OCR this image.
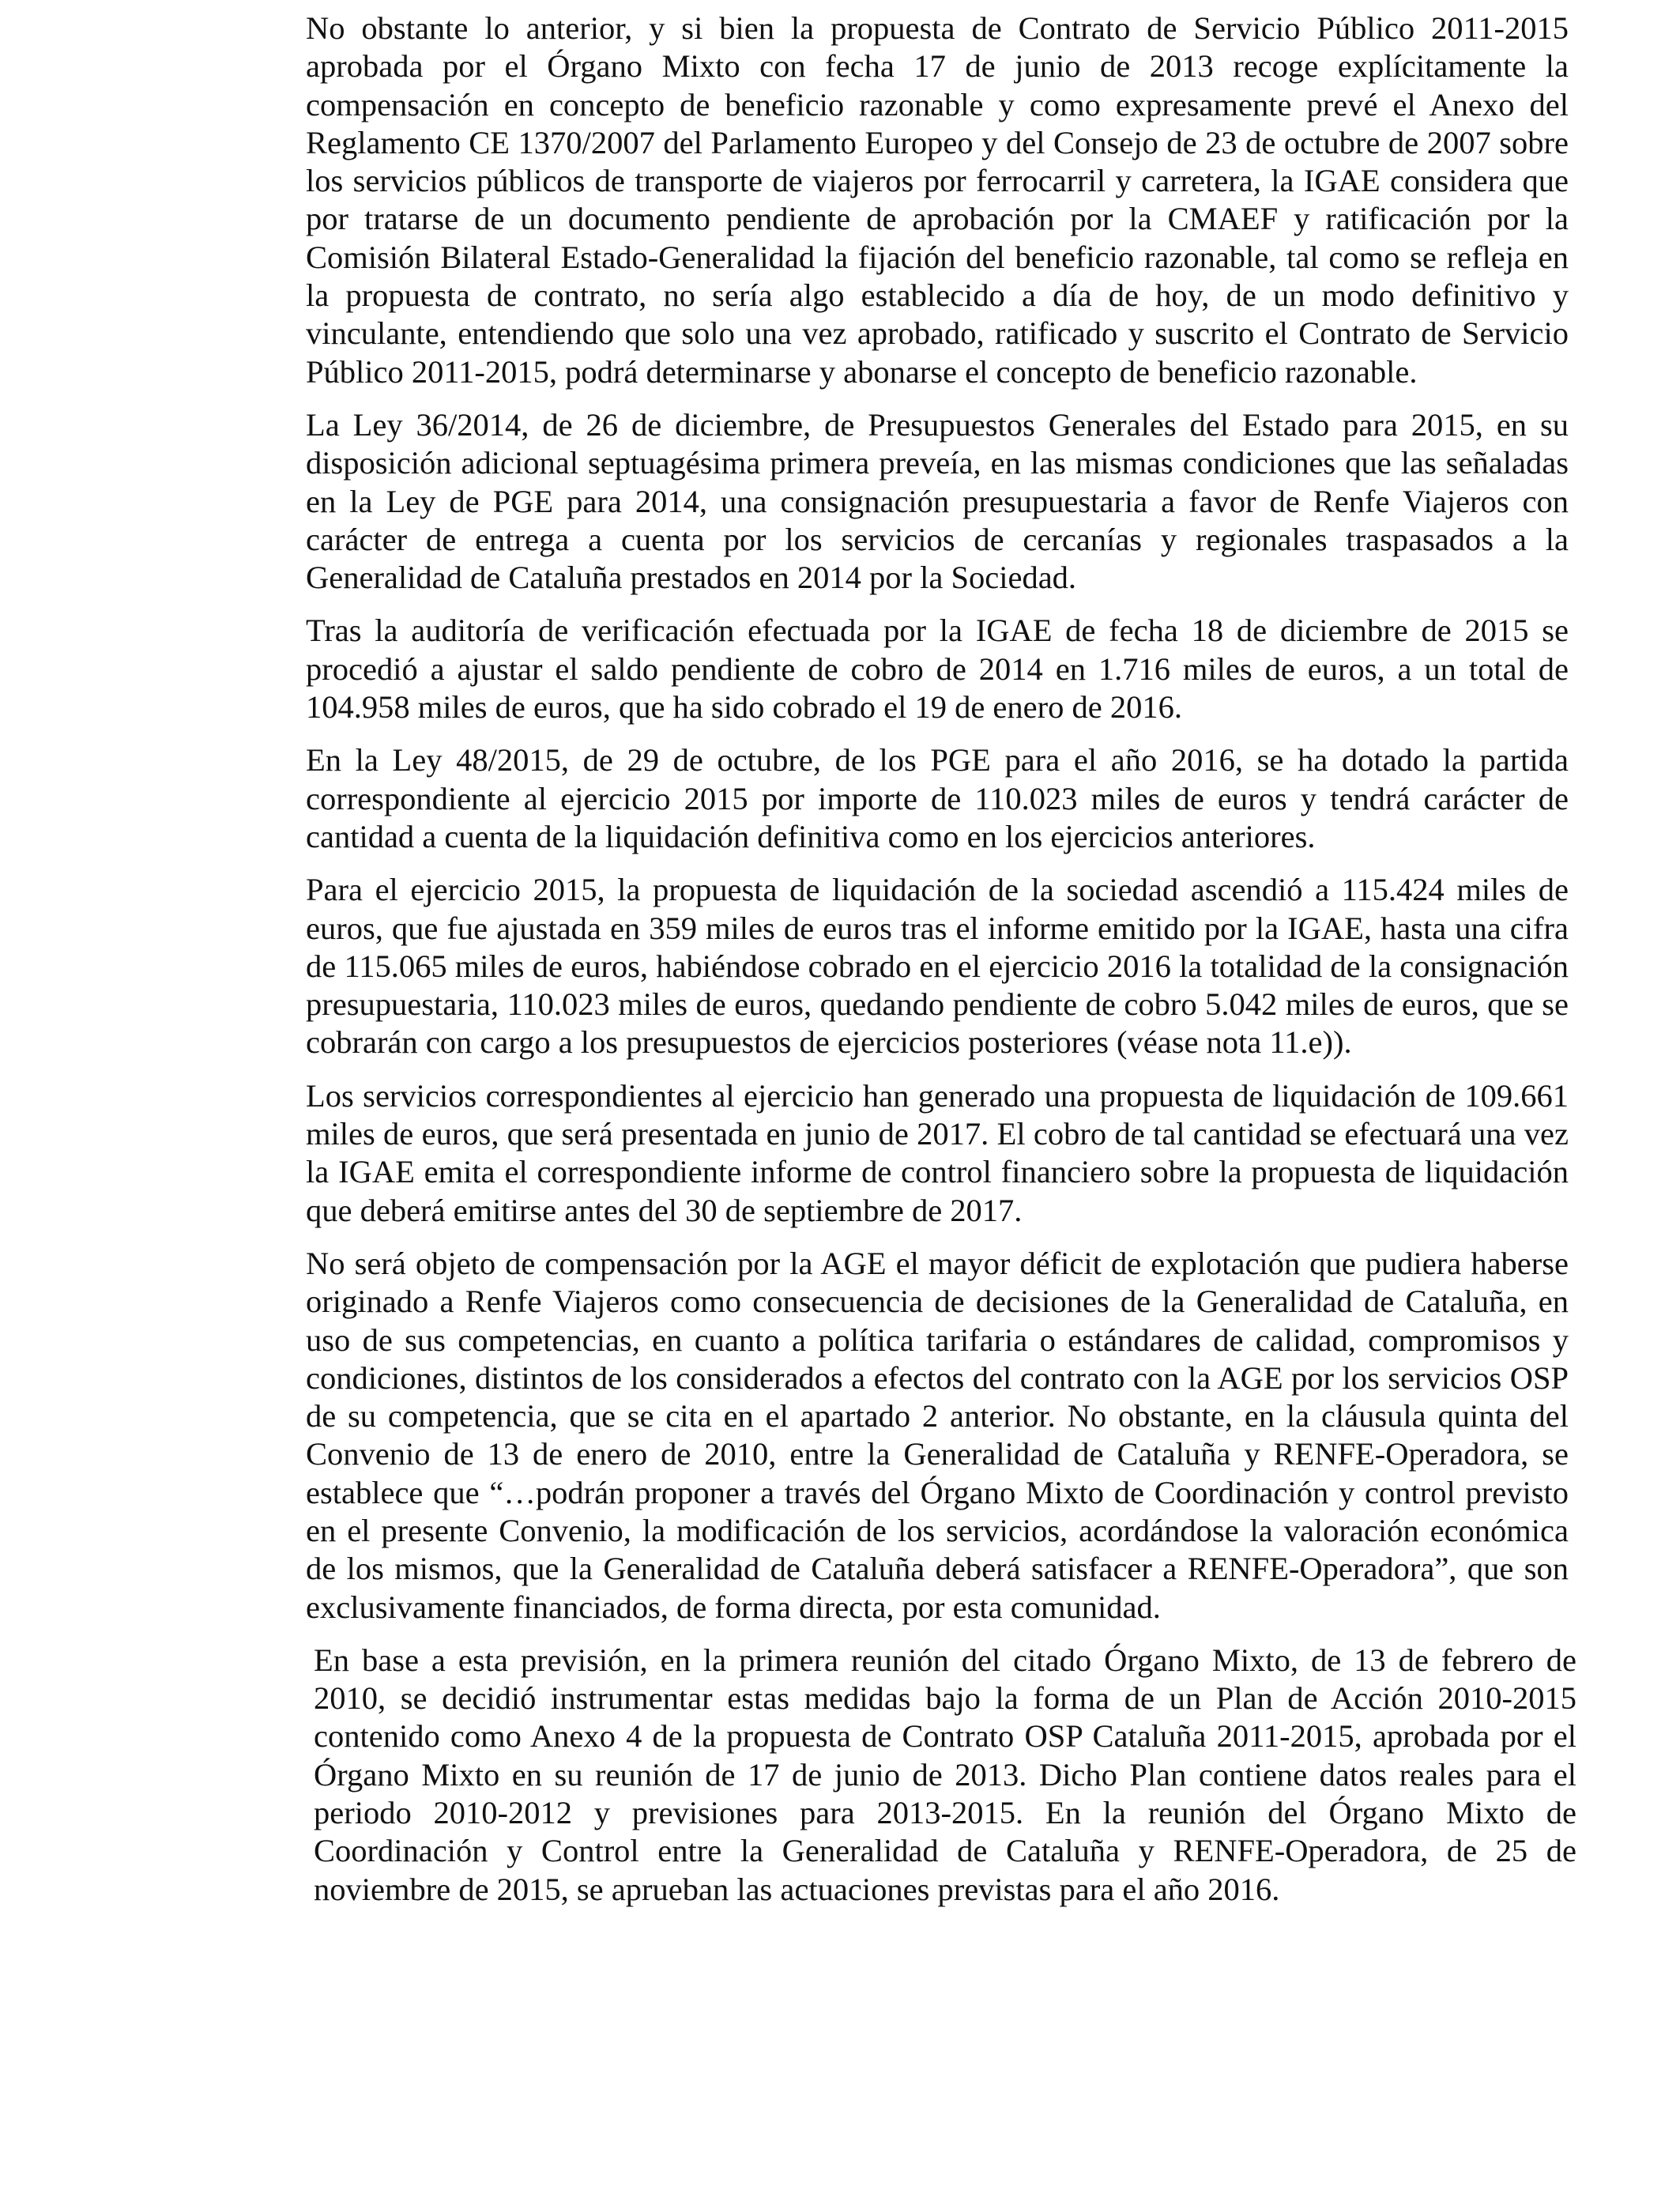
No obstante lo anterior, y si bien la propuesta de Contrato de Servicio Público 2011-2015 aprobada por el Órgano Mixto con fecha 17 de junio de 2013 recoge explícitamente la compensación en concepto de beneficio razonable y como expresamente prevé el Anexo del Reglamento CE 1370/2007 del Parlamento Europeo y del Consejo de 23 de octubre de 2007 sobre los servicios públicos de transporte de viajeros por ferrocarril y carretera, la IGAE considera que por tratarse de un documento pendiente de aprobación por la CMAEF y ratificación por la Comisión Bilateral Estado-Generalidad la fijación del beneficio razonable, tal como se refleja en la propuesta de contrato, no sería algo establecido a día de hoy, de un modo definitivo y vinculante, entendiendo que solo una vez aprobado, ratificado y suscrito el Contrato de Servicio Público 2011-2015, podrá determinarse y abonarse el concepto de beneficio razonable.

La Ley 36/2014, de 26 de diciembre, de Presupuestos Generales del Estado para 2015, en su disposición adicional septuagésima primera preveía, en las mismas condiciones que las señaladas en la Ley de PGE para 2014, una consignación presupuestaria a favor de Renfe Viajeros con carácter de entrega a cuenta por los servicios de cercanías y regionales traspasados a la Generalidad de Cataluña prestados en 2014 por la Sociedad.

Tras la auditoría de verificación efectuada por la IGAE de fecha 18 de diciembre de 2015 se procedió a ajustar el saldo pendiente de cobro de 2014 en 1.716 miles de euros, a un total de 104.958 miles de euros, que ha sido cobrado el 19 de enero de 2016.

En la Ley 48/2015, de 29 de octubre, de los PGE para el año 2016, se ha dotado la partida correspondiente al ejercicio 2015 por importe de 110.023 miles de euros y tendrá carácter de cantidad a cuenta de la liquidación definitiva como en los ejercicios anteriores.

Para el ejercicio 2015, la propuesta de liquidación de la sociedad ascendió a 115.424 miles de euros, que fue ajustada en 359 miles de euros tras el informe emitido por la IGAE, hasta una cifra de 115.065 miles de euros, habiéndose cobrado en el ejercicio 2016 la totalidad de la consignación presupuestaria, 110.023 miles de euros, quedando pendiente de cobro 5.042 miles de euros, que se cobrarán con cargo a los presupuestos de ejercicios posteriores (véase nota 11.e)).

Los servicios correspondientes al ejercicio han generado una propuesta de liquidación de 109.661 miles de euros, que será presentada en junio de 2017. El cobro de tal cantidad se efectuará una vez la IGAE emita el correspondiente informe de control financiero sobre la propuesta de liquidación que deberá emitirse antes del 30 de septiembre de 2017.

No será objeto de compensación por la AGE el mayor déficit de explotación que pudiera haberse originado a Renfe Viajeros como consecuencia de decisiones de la Generalidad de Cataluña, en uso de sus competencias, en cuanto a política tarifaria o estándares de calidad, compromisos y condiciones, distintos de los considerados a efectos del contrato con la AGE por los servicios OSP de su competencia, que se cita en el apartado 2 anterior. No obstante, en la cláusula quinta del Convenio de 13 de enero de 2010, entre la Generalidad de Cataluña y RENFE-Operadora, se establece que “…podrán proponer a través del Órgano Mixto de Coordinación y control previsto en el presente Convenio, la modificación de los servicios, acordándose la valoración económica de los mismos, que la Generalidad de Cataluña deberá satisfacer a RENFE-Operadora”, que son exclusivamente financiados, de forma directa, por esta comunidad.

En base a esta previsión, en la primera reunión del citado Órgano Mixto, de 13 de febrero de 2010, se decidió instrumentar estas medidas bajo la forma de un Plan de Acción 2010-2015 contenido como Anexo 4 de la propuesta de Contrato OSP Cataluña 2011-2015, aprobada por el Órgano Mixto en su reunión de 17 de junio de 2013. Dicho Plan contiene datos reales para el periodo 2010-2012 y previsiones para 2013-2015. En la reunión del Órgano Mixto de Coordinación y Control entre la Generalidad de Cataluña y RENFE-Operadora, de 25 de noviembre de 2015, se aprueban las actuaciones previstas para el año 2016.
